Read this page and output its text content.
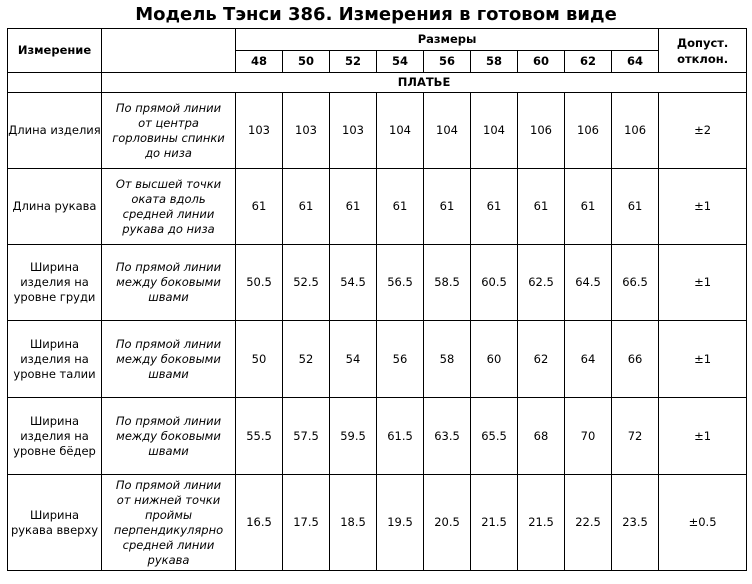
Модель Тэнси 386. Измерения в готовом виде
Измерение		Размеры									Допуст. отклон.
		48	50	52	54	56	58	60	62	64	
	ПЛАТЬЕ										
Длина изделия	По прямой линии от центра горловины спинки до низа	103	103	103	104	104	104	106	106	106	±2
Длина рукава	От высшей точки оката вдоль средней линии рукава до низа	61	61	61	61	61	61	61	61	61	±1
Ширина изделия на уровне груди	По прямой линии между боковыми швами	50.5	52.5	54.5	56.5	58.5	60.5	62.5	64.5	66.5	±1
Ширина изделия на уровне талии	По прямой линии между боковыми швами	50	52	54	56	58	60	62	64	66	±1
Ширина изделия на уровне бёдер	По прямой линии между боковыми швами	55.5	57.5	59.5	61.5	63.5	65.5	68	70	72	±1
Ширина рукава вверху	По прямой линии от нижней точки проймы перпендикулярно средней линии рукава	16.5	17.5	18.5	19.5	20.5	21.5	21.5	22.5	23.5	±0.5
